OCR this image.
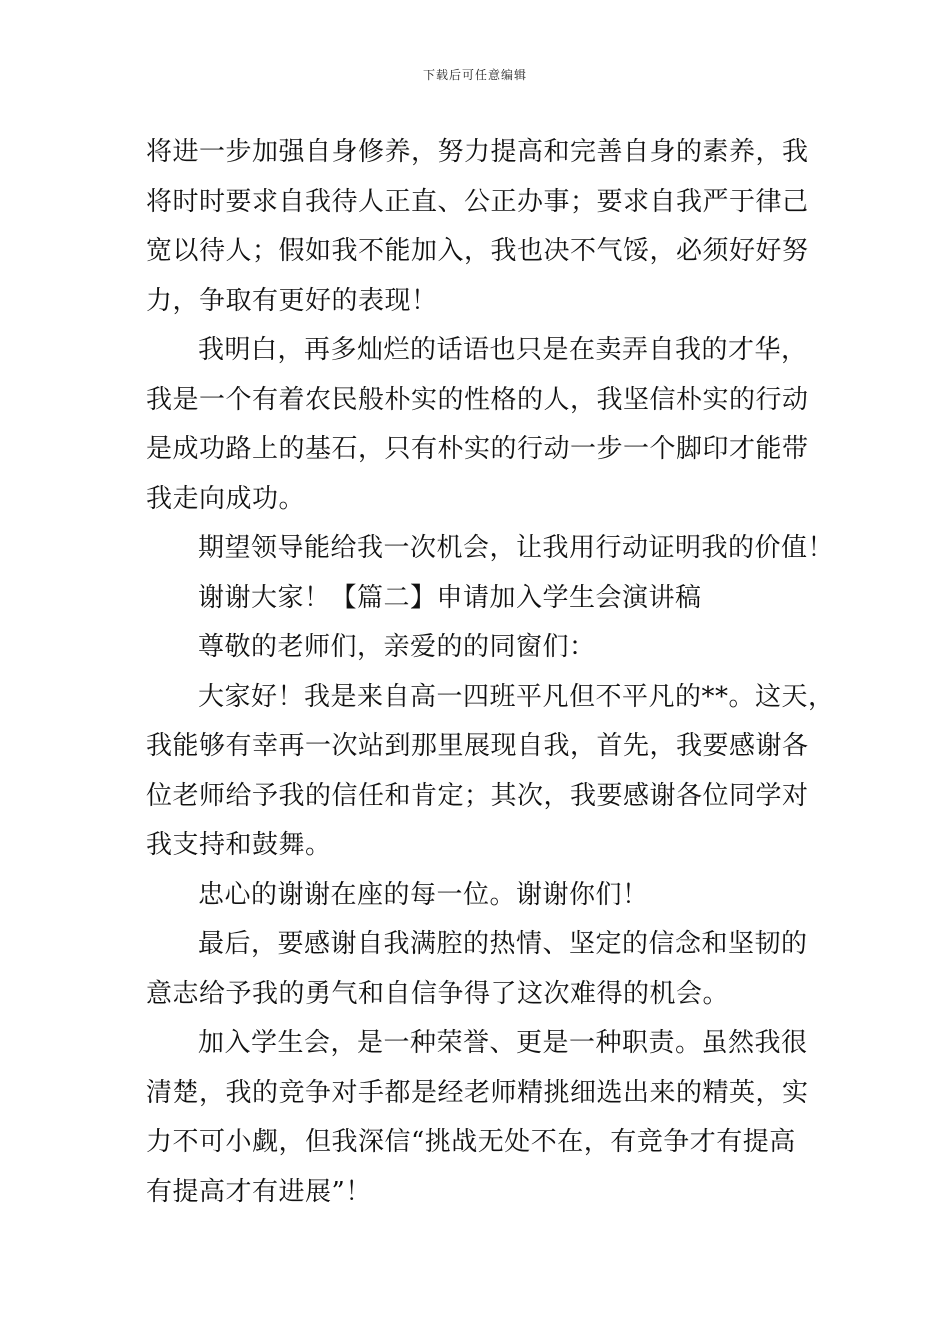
下载后可任意编辑
将进一步加强自身修养，努力提高和完善自身的素养，我
将时时要求自我待人正直、公正办事；要求自我严于律己
宽以待人；假如我不能加入，我也决不气馁，必须好好努
力，争取有更好的表现！
我明白，再多灿烂的话语也只是在卖弄自我的才华，
我是一个有着农民般朴实的性格的人，我坚信朴实的行动
是成功路上的基石，只有朴实的行动一步一个脚印才能带
我走向成功。
期望领导能给我一次机会，让我用行动证明我的价值！
谢谢大家！【篇二】申请加入学生会演讲稿
尊敬的老师们，亲爱的的同窗们：
大家好！我是来自高一四班平凡但不平凡的**。这天，
我能够有幸再一次站到那里展现自我，首先，我要感谢各
位老师给予我的信任和肯定；其次，我要感谢各位同学对
我支持和鼓舞。
忠心的谢谢在座的每一位。谢谢你们！
最后，要感谢自我满腔的热情、坚定的信念和坚韧的
意志给予我的勇气和自信争得了这次难得的机会。
加入学生会，是一种荣誉、更是一种职责。虽然我很
清楚，我的竞争对手都是经老师精挑细选出来的精英，实
力不可小觑，但我深信“挑战无处不在，有竞争才有提高
有提高才有进展”！
